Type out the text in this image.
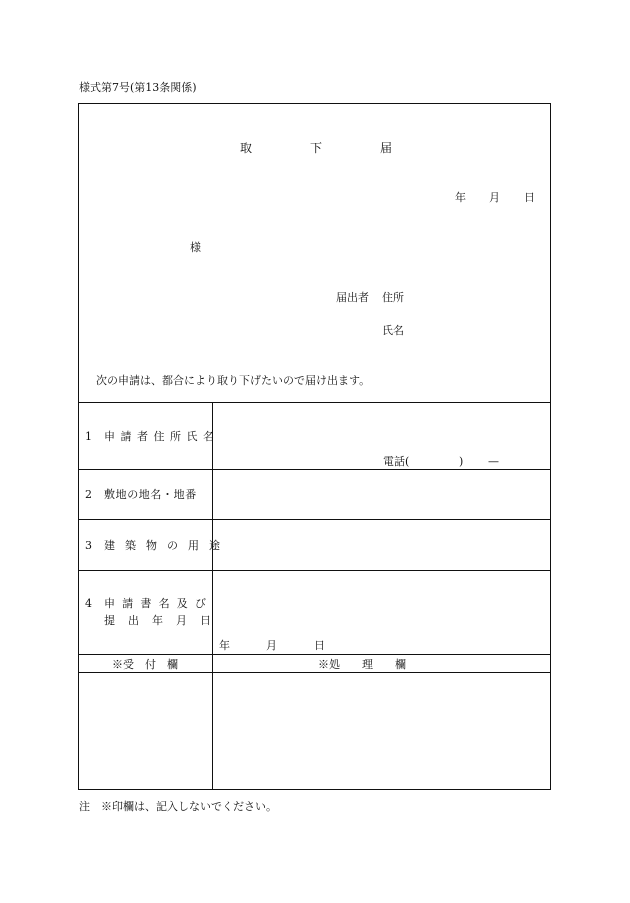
様式第7号(第13条関係)
取	下	届
年 月 日
様
届出者 住所
氏名
次の申請は、都合により取り下げたいので届け出ます。
1 申請者住所氏名
電話(	) —
2 敷地の地名・地番
3 建築物の用途
4 申請書名及び
提出年月日
年	月	日
※受　付　欄	※処　　理　　欄
注　※印欄は、記入しないでください。
